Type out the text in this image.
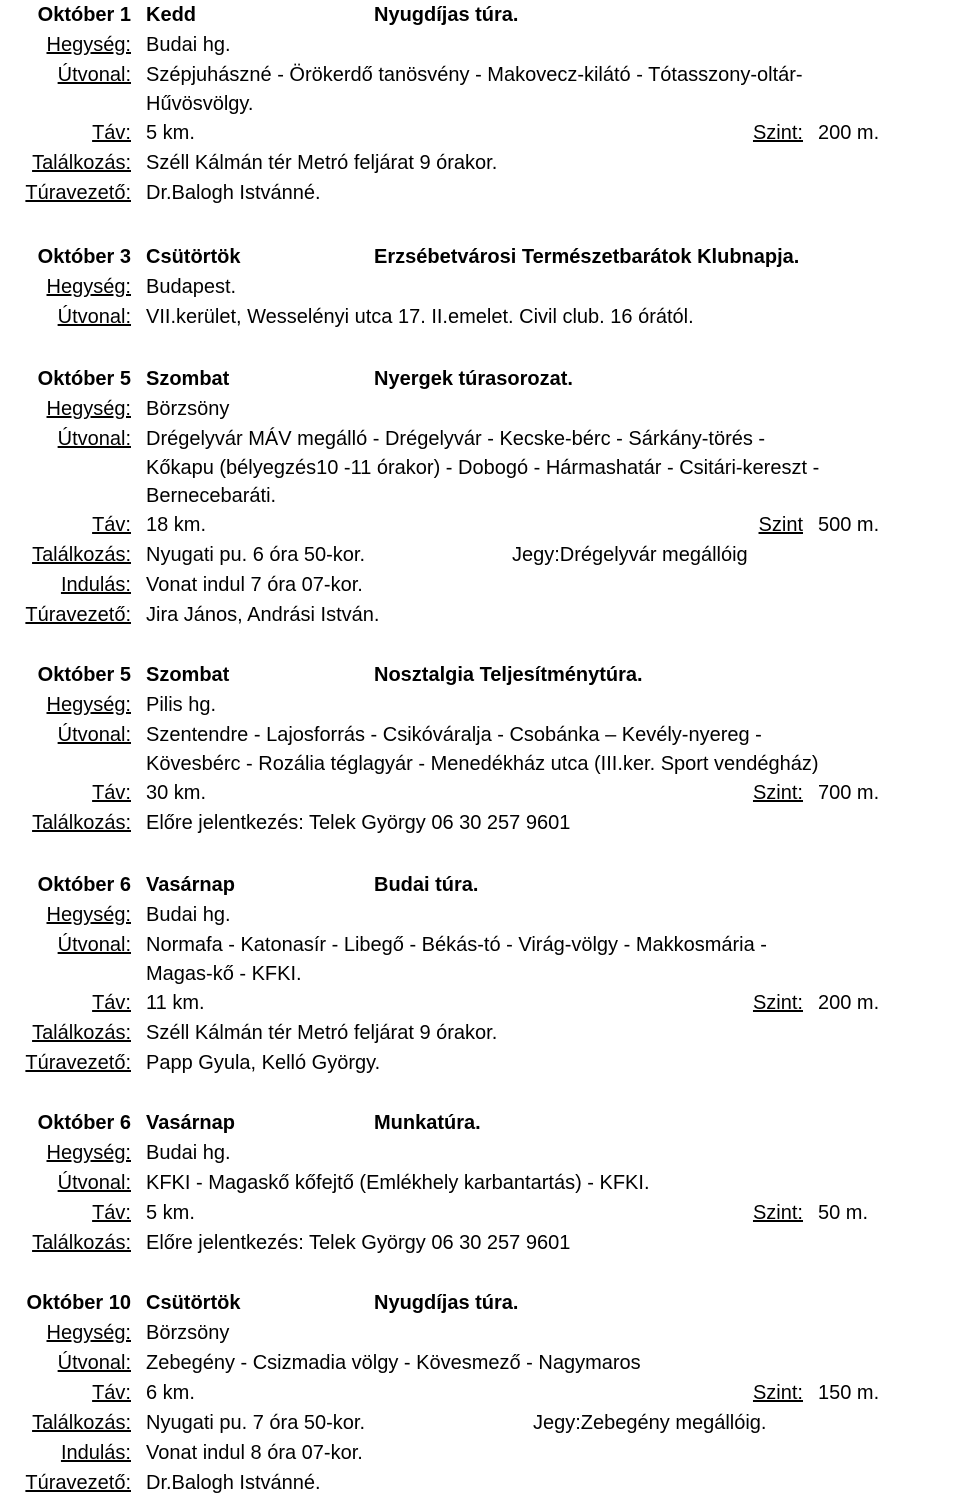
Október 1 Kedd	Nyugdíjas túra.
Hegység: Budai hg.
Útvonal: Szépjuhászné - Örökerdő tanösvény - Makovecz-kilátó - Tótasszony-oltár-
Hűvösvölgy.
Táv: 5 km.	Szint: 200 m.
Találkozás: Széll Kálmán tér Metró feljárat 9 órakor.
Túravezető: Dr.Balogh Istvánné.
Október 3 Csütörtök	Erzsébetvárosi Természetbarátok Klubnapja.
Hegység: Budapest.
Útvonal: VII.kerület, Wesselényi utca 17. II.emelet. Civil club. 16 órától.
Október 5 Szombat	Nyergek túrasorozat.
Hegység: Börzsöny
Útvonal: Drégelyvár MÁV megálló - Drégelyvár - Kecske-bérc - Sárkány-törés -
Kőkapu (bélyegzés10 -11 órakor) - Dobogó - Hármashatár - Csitári-kereszt -
Bernecebaráti.
Táv: 18 km.	Szint 500 m.
Találkozás: Nyugati pu. 6 óra 50-kor.	Jegy:Drégelyvár megállóig
Indulás: Vonat indul 7 óra 07-kor.
Túravezető: Jira János, Andrási István.
Október 5 Szombat	Nosztalgia Teljesítménytúra.
Hegység: Pilis hg.
Útvonal: Szentendre - Lajosforrás - Csikóváralja - Csobánka – Kevély-nyereg -
Kövesbérc - Rozália téglagyár - Menedékház utca (III.ker. Sport vendégház)
Táv: 30 km.	Szint: 700 m.
Találkozás: Előre jelentkezés: Telek György 06 30 257 9601
Október 6 Vasárnap	Budai túra.
Hegység: Budai hg.
Útvonal: Normafa - Katonasír - Libegő - Békás-tó - Virág-völgy - Makkosmária -
Magas-kő - KFKI.
Táv: 11 km.	Szint: 200 m.
Találkozás: Széll Kálmán tér Metró feljárat 9 órakor.
Túravezető: Papp Gyula, Kelló György.
Október 6 Vasárnap	Munkatúra.
Hegység: Budai hg.
Útvonal: KFKI - Magaskő kőfejtő (Emlékhely karbantartás) - KFKI.
Táv: 5 km.	Szint: 50 m.
Találkozás: Előre jelentkezés: Telek György 06 30 257 9601
Október 10 Csütörtök	Nyugdíjas túra.
Hegység: Börzsöny
Útvonal: Zebegény - Csizmadia völgy - Kövesmező - Nagymaros
Táv: 6 km.	Szint: 150 m.
Találkozás: Nyugati pu. 7 óra 50-kor.	Jegy:Zebegény megállóig.
Indulás: Vonat indul 8 óra 07-kor.
Túravezető: Dr.Balogh Istvánné.
